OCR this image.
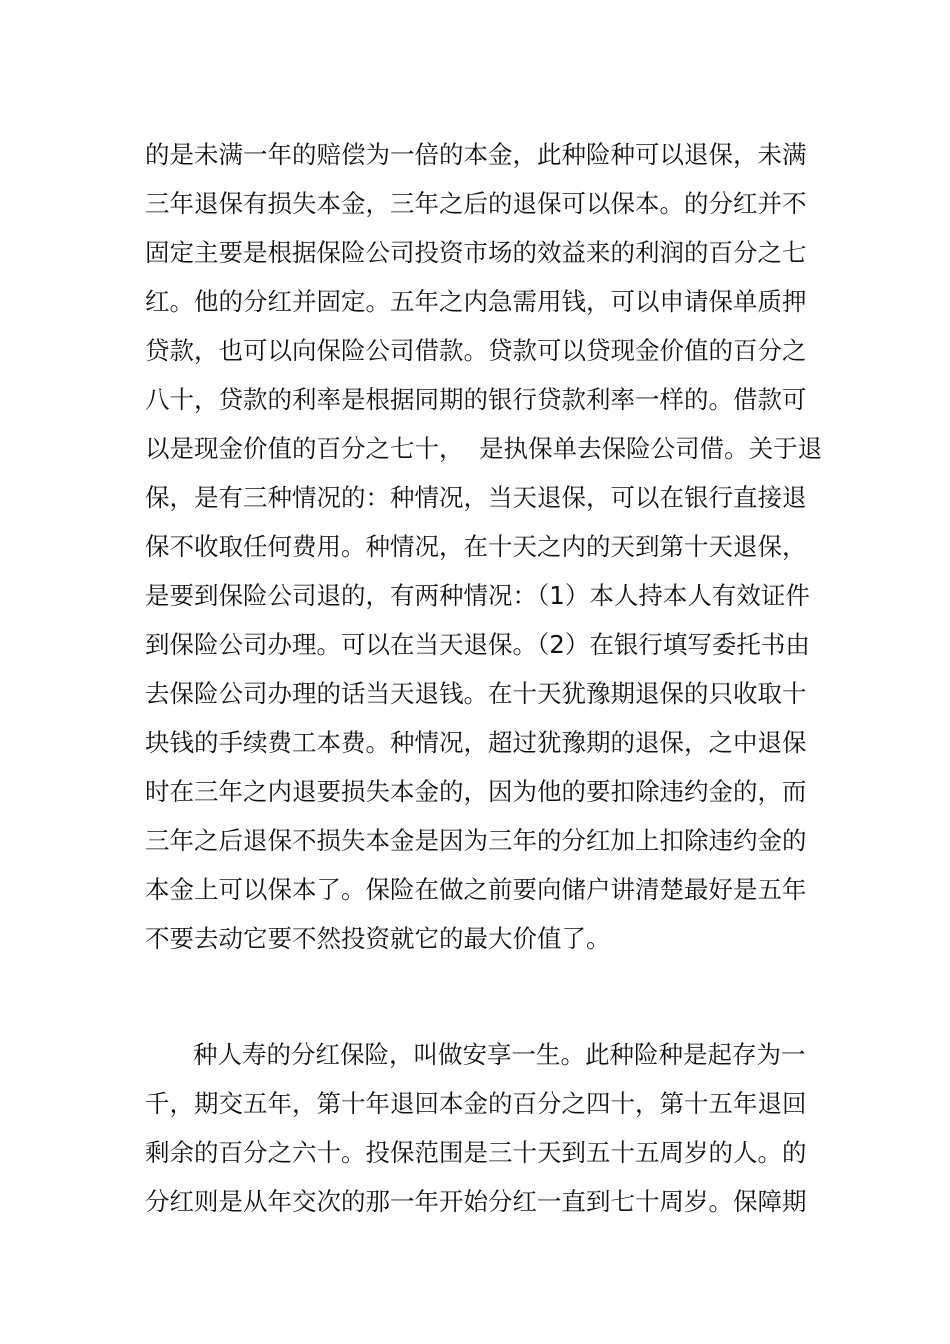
的是未满一年的赔偿为一倍的本金，此种险种可以退保，未满
三年退保有损失本金，三年之后的退保可以保本。的分红并不
固定主要是根据保险公司投资市场的效益来的利润的百分之七
红。他的分红并固定。五年之内急需用钱，可以申请保单质押
贷款，也可以向保险公司借款。贷款可以贷现金价值的百分之
八十，贷款的利率是根据同期的银行贷款利率一样的。借款可
以是现金价值的百分之七十，  是执保单去保险公司借。关于退
保，是有三种情况的：种情况，当天退保，可以在银行直接退
保不收取任何费用。种情况，在十天之内的天到第十天退保，
是要到保险公司退的，有两种情况：（1）本人持本人有效证件
到保险公司办理。可以在当天退保。（2）在银行填写委托书由
去保险公司办理的话当天退钱。在十天犹豫期退保的只收取十
块钱的手续费工本费。种情况，超过犹豫期的退保，之中退保
时在三年之内退要损失本金的，因为他的要扣除违约金的，而
三年之后退保不损失本金是因为三年的分红加上扣除违约金的
本金上可以保本了。保险在做之前要向储户讲清楚最好是五年
不要去动它要不然投资就它的最大价值了。
种人寿的分红保险，叫做安享一生。此种险种是起存为一
千，期交五年，第十年退回本金的百分之四十，第十五年退回
剩余的百分之六十。投保范围是三十天到五十五周岁的人。的
分红则是从年交次的那一年开始分红一直到七十周岁。保障期
